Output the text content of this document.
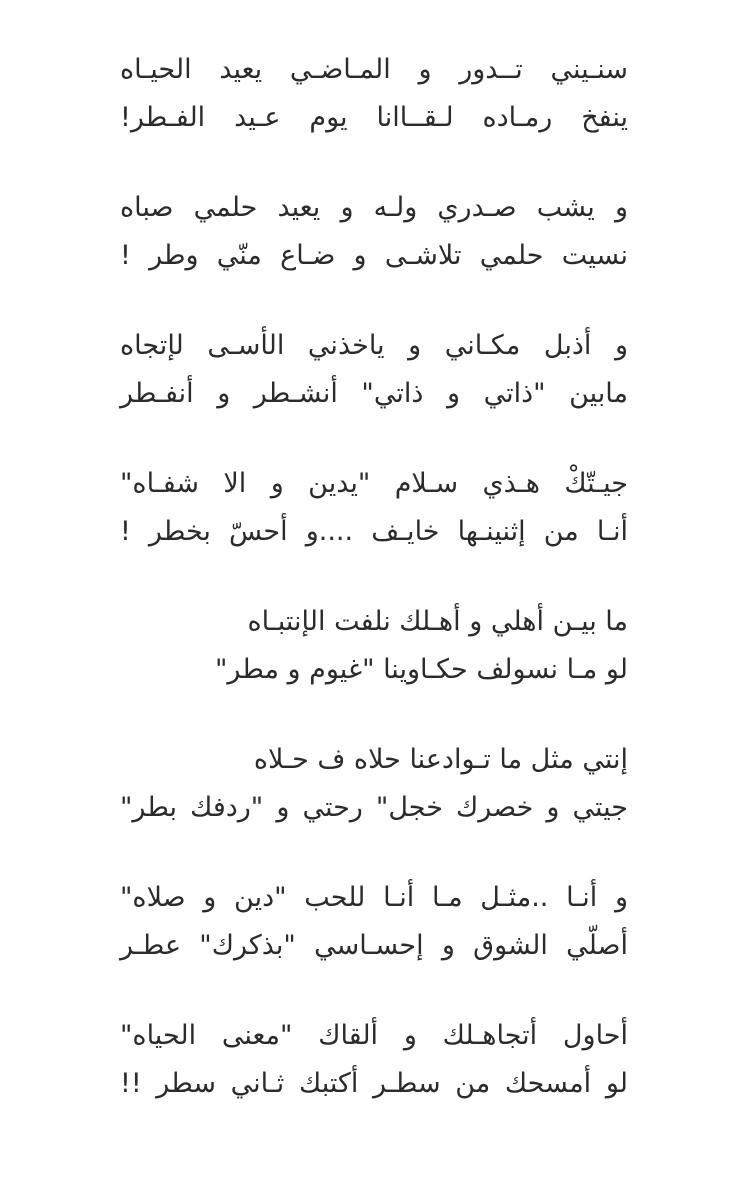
سنـيني تــدور و المـاضـي يعيد الحيـاه
ينفخ رمـاده لـقــاانا يوم عـيد الفـطر!
و يشب صـدري ولـه و يعيد حلمي صباه
نسيت حلمي تلاشـى و ضـاع منّي وطر !
و أذبل مكـاني و ياخذني الأسـى لإتجاه
مابين "ذاتي و ذاتي" أنشـطر و أنفـطر
جيـتّكْ هـذي سـلام "يدين و الا شفـاه"
أنـا من إثنينـها خايـف ....و أحسّ بخطر !
ما بيـن أهلي و أهـلك نلفت الإنتبـاه
لو مـا نسولف حكـاوينا "غيوم و مطر"
إنتي مثل ما تـوادعنا حلاه ف حـلاه
جيتي و خصرك خجل" رحتي و "ردفك بطر"
و أنـا ..مثـل مـا أنـا للحب "دين و صلاه"
أصلّي الشوق و إحسـاسي "بذكرك" عطـر
أحاول أتجاهـلك و ألقاك "معنى الحياه"
لو أمسحك من سطـر أكتبك ثـاني سطر !!
